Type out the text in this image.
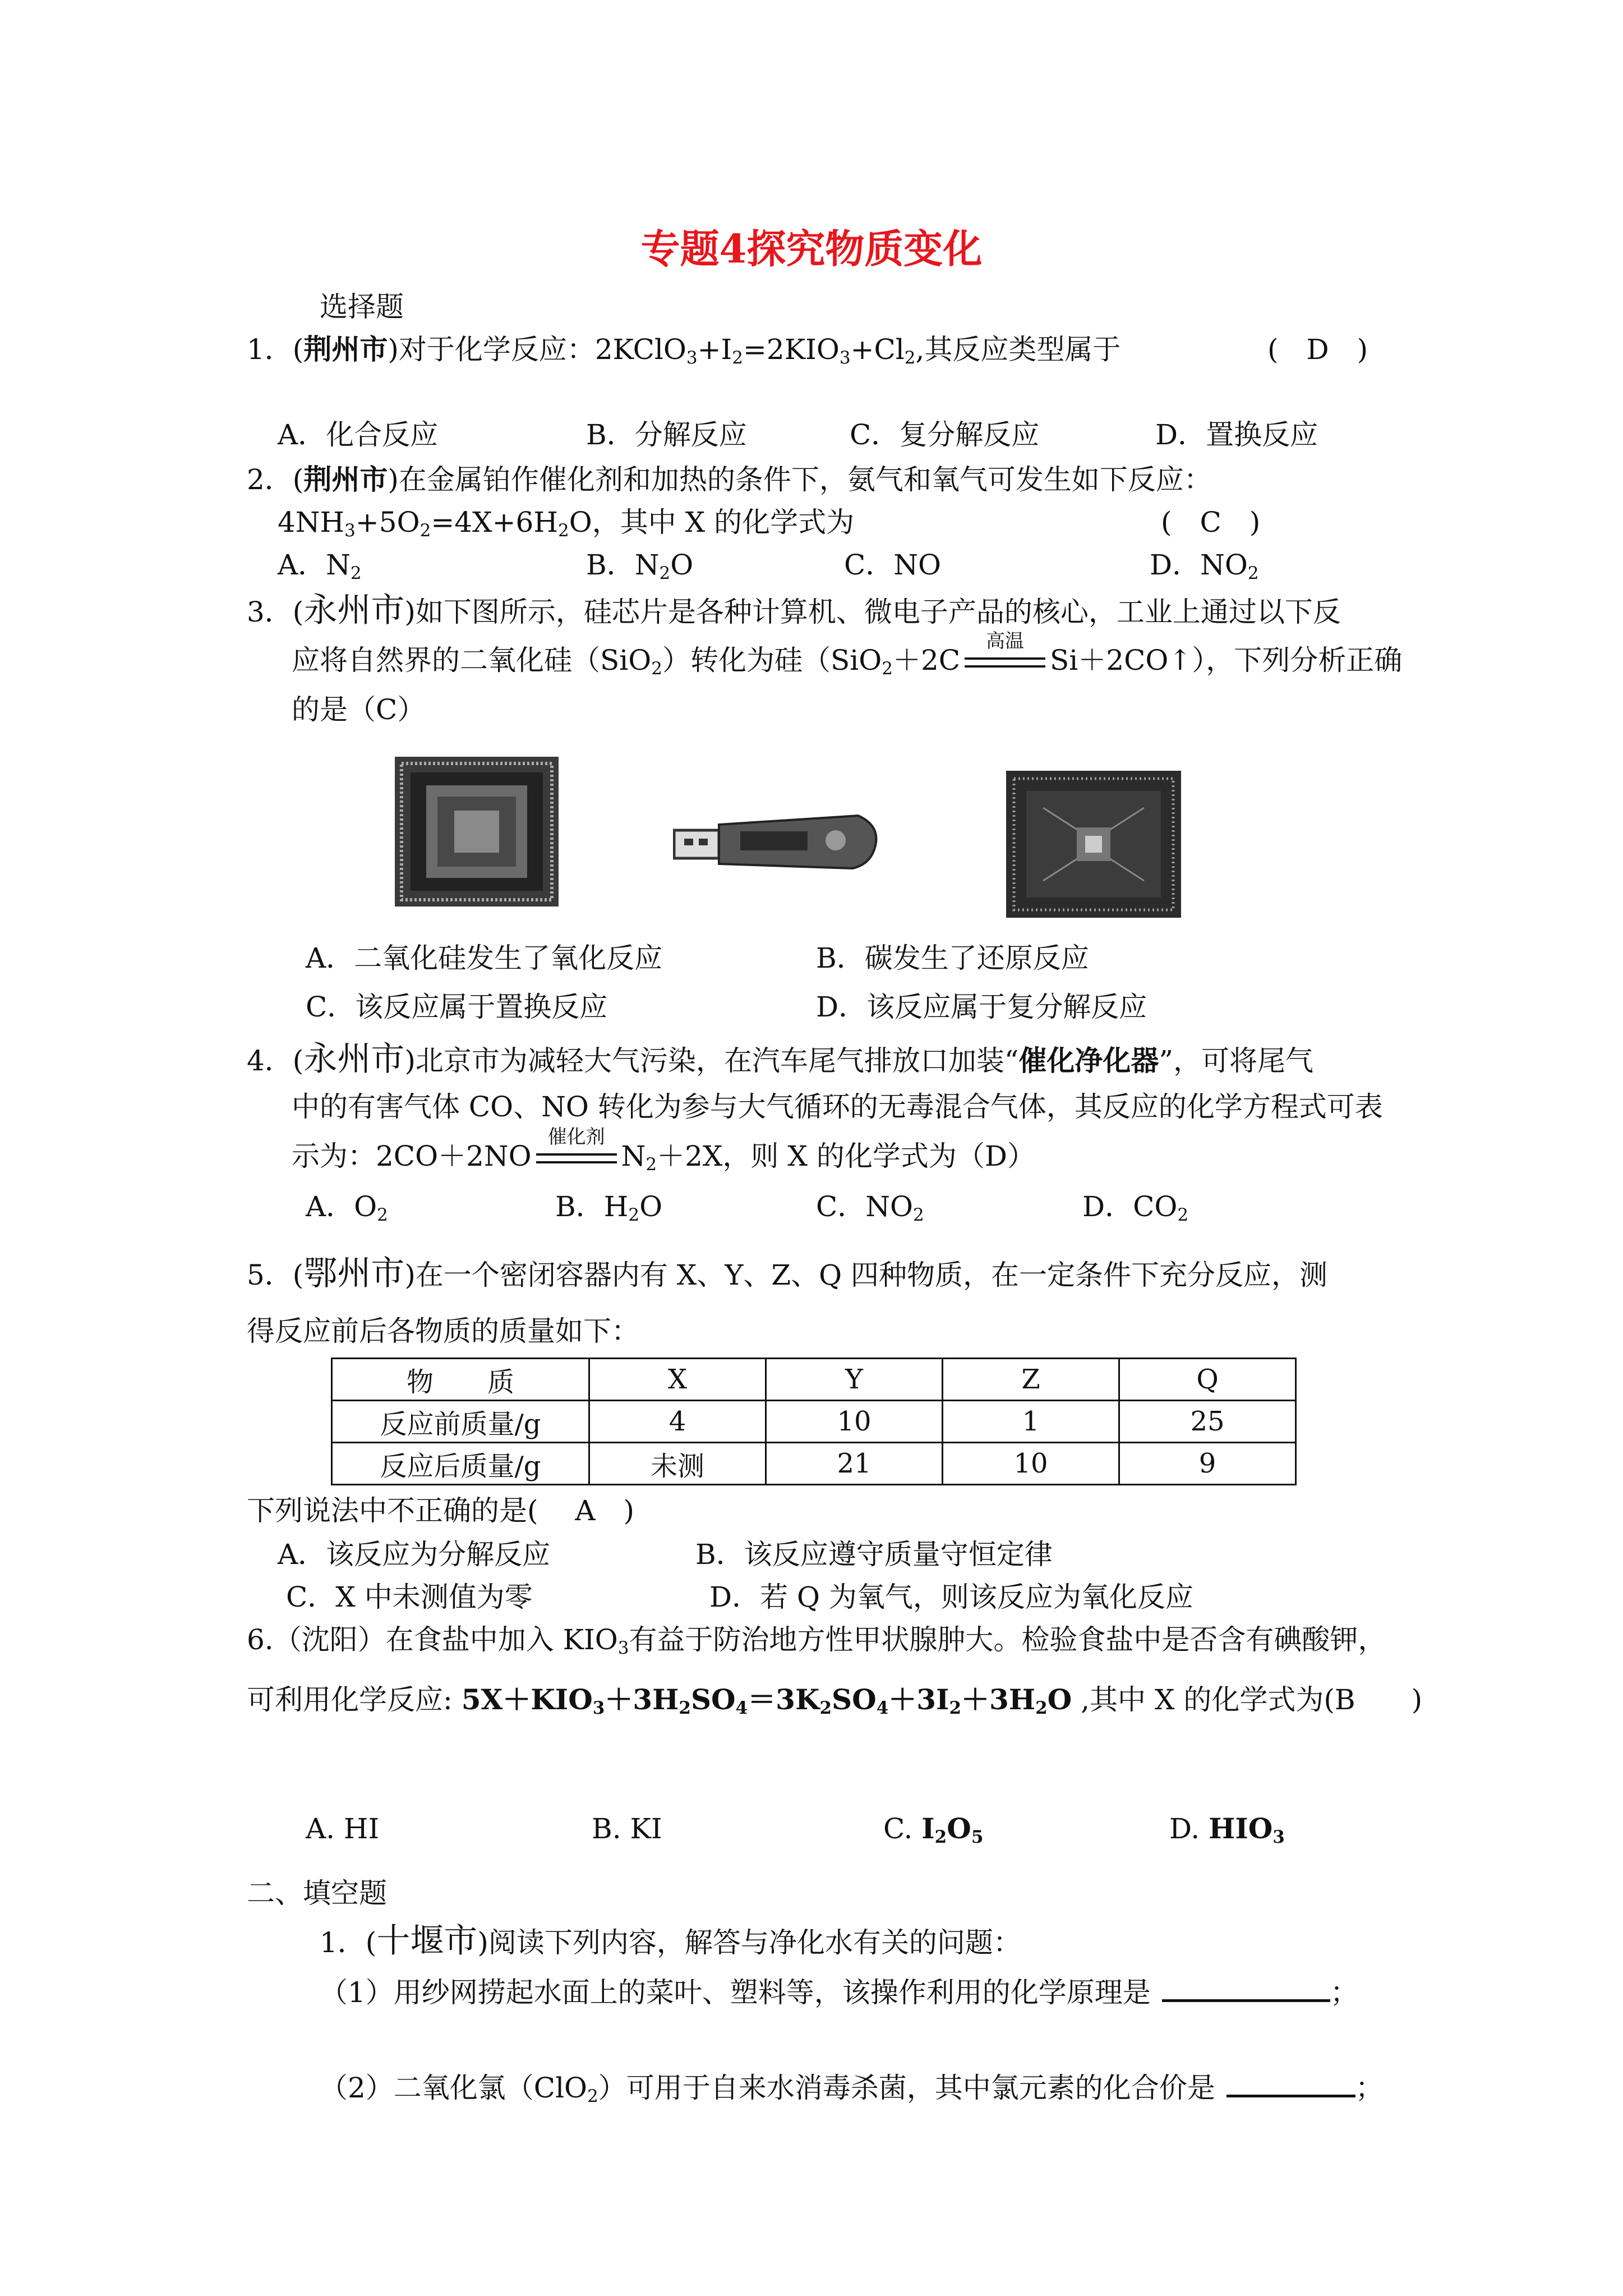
专题4探究物质变化
选择题
1．(荆州市)对于化学反应：$2KClO_3+I_2=2KIO_3+Cl_2$,其反应类型属于	(　D　)
A．化合反应	B．分解反应	C．复分解反应	D．置换反应
2．(荆州市)在金属铂作催化剂和加热的条件下，氨气和氧气可发生如下反应：
$4NH_3+5O_2=4X+6H_2O$，其中 X 的化学式为	(　C　)
A．$N_2$	B．$N_2O$	C．NO	D．$NO_2$
3．(永州市)如下图所示，硅芯片是各种计算机、微电子产品的核心，工业上通过以下反
应将自然界的二氧化硅（SiO$_2$）转化为硅（SiO$_2$＋2C
高温
Si＋2CO↑），下列分析正确
的是（C）
A．二氧化硅发生了氧化反应	B．碳发生了还原反应
C．该反应属于置换反应	D．该反应属于复分解反应
4．(永州市)北京市为减轻大气污染，在汽车尾气排放口加装“催化净化器”，可将尾气
中的有害气体 CO、NO 转化为参与大气循环的无毒混合气体，其反应的化学方程式可表
示为：2CO＋2NO
催化剂
$N_2+2X$，则 X 的化学式为（D）
A．$O_2$	B．$H_2O$	C．$NO_2$	D．$CO_2$
5．(鄂州市)在一个密闭容器内有 X、Y、Z、Q 四种物质，在一定条件下充分反应，测
得反应前后各物质的质量如下：
物　　质	X	Y	Z	Q
反应前质量/g	4	10	1	25
反应后质量/g	未测	21	10	9
下列说法中不正确的是(　 A　)
A．该反应为分解反应	B．该反应遵守质量守恒定律
C．X 中未测值为零	D．若 Q 为氧气，则该反应为氧化反应
6.（沈阳）在食盐中加入 $KIO_3$有益于防治地方性甲状腺肿大。检验食盐中是否含有碘酸钾，
可利用化学反应: $5X+KIO_3+3H_2SO_4=3K_2SO_4+3I_2+3H_2O$ ,其中 X 的化学式为(B　　)
A. HI	B. KI	C. $I_2O_5$	D. $HIO_3$
二、填空题
1．(十堰市)阅读下列内容，解答与净化水有关的问题：
（1）用纱网捞起水面上的菜叶、塑料等，该操作利用的化学原理是	；
（2）二氧化氯（ClO$_2$）可用于自来水消毒杀菌，其中氯元素的化合价是	；
